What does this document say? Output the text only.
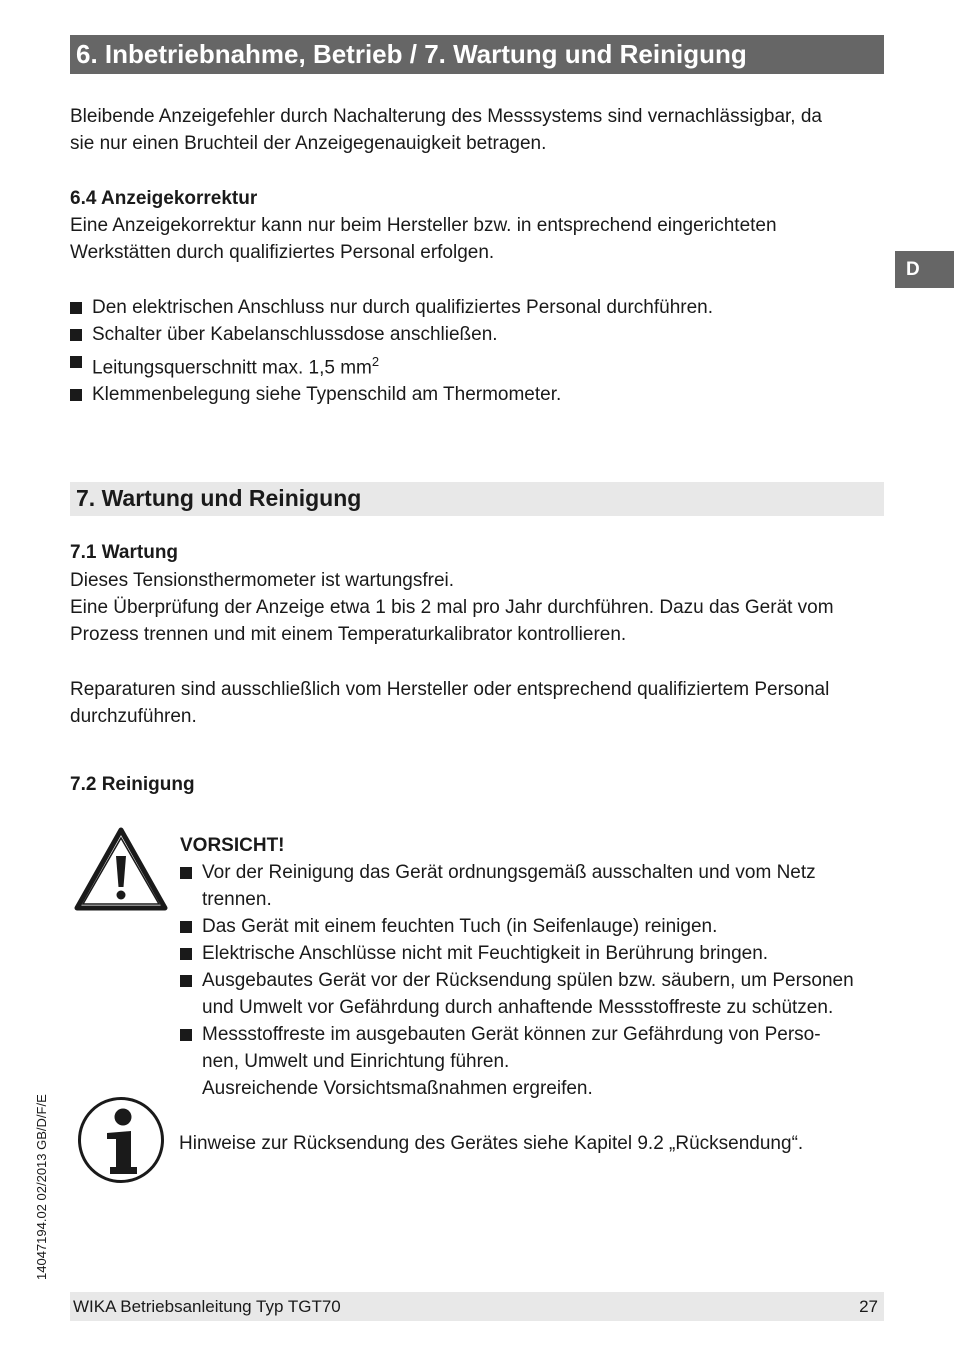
6. Inbetriebnahme, Betrieb / 7. Wartung und Reinigung
D
Bleibende Anzeigefehler durch Nachalterung des Messsystems sind vernachlässigbar, da
sie nur einen Bruchteil der Anzeigegenauigkeit betragen.
6.4 Anzeigekorrektur
Eine Anzeigekorrektur kann nur beim Hersteller bzw. in entsprechend eingerichteten
Werkstätten durch qualifiziertes Personal erfolgen.
Den elektrischen Anschluss nur durch qualifiziertes Personal durchführen.
Schalter über Kabelanschlussdose anschließen.
Leitungsquerschnitt max. 1,5 $mm^2$
Klemmenbelegung siehe Typenschild am Thermometer.
7. Wartung und Reinigung
7.1 Wartung
Dieses Tensionsthermometer ist wartungsfrei.
Eine Überprüfung der Anzeige etwa 1 bis 2 mal pro Jahr durchführen. Dazu das Gerät vom
Prozess trennen und mit einem Temperaturkalibrator kontrollieren.
Reparaturen sind ausschließlich vom Hersteller oder entsprechend qualifiziertem Personal
durchzuführen.
7.2 Reinigung
VORSICHT!
Vor der Reinigung das Gerät ordnungsgemäß ausschalten und vom Netz
trennen.
Das Gerät mit einem feuchten Tuch (in Seifenlauge) reinigen.
Elektrische Anschlüsse nicht mit Feuchtigkeit in Berührung bringen.
Ausgebautes Gerät vor der Rücksendung spülen bzw. säubern, um Personen
und Umwelt vor Gefährdung durch anhaftende Messstoffreste zu schützen.
Messstoffreste im ausgebauten Gerät können zur Gefährdung von Perso-
nen, Umwelt und Einrichtung führen.
Ausreichende Vorsichtsmaßnahmen ergreifen.
Hinweise zur Rücksendung des Gerätes siehe Kapitel 9.2 „Rücksendung“.
14047194.02 02/2013 GB/D/F/E
WIKA Betriebsanleitung Typ TGT70	27
